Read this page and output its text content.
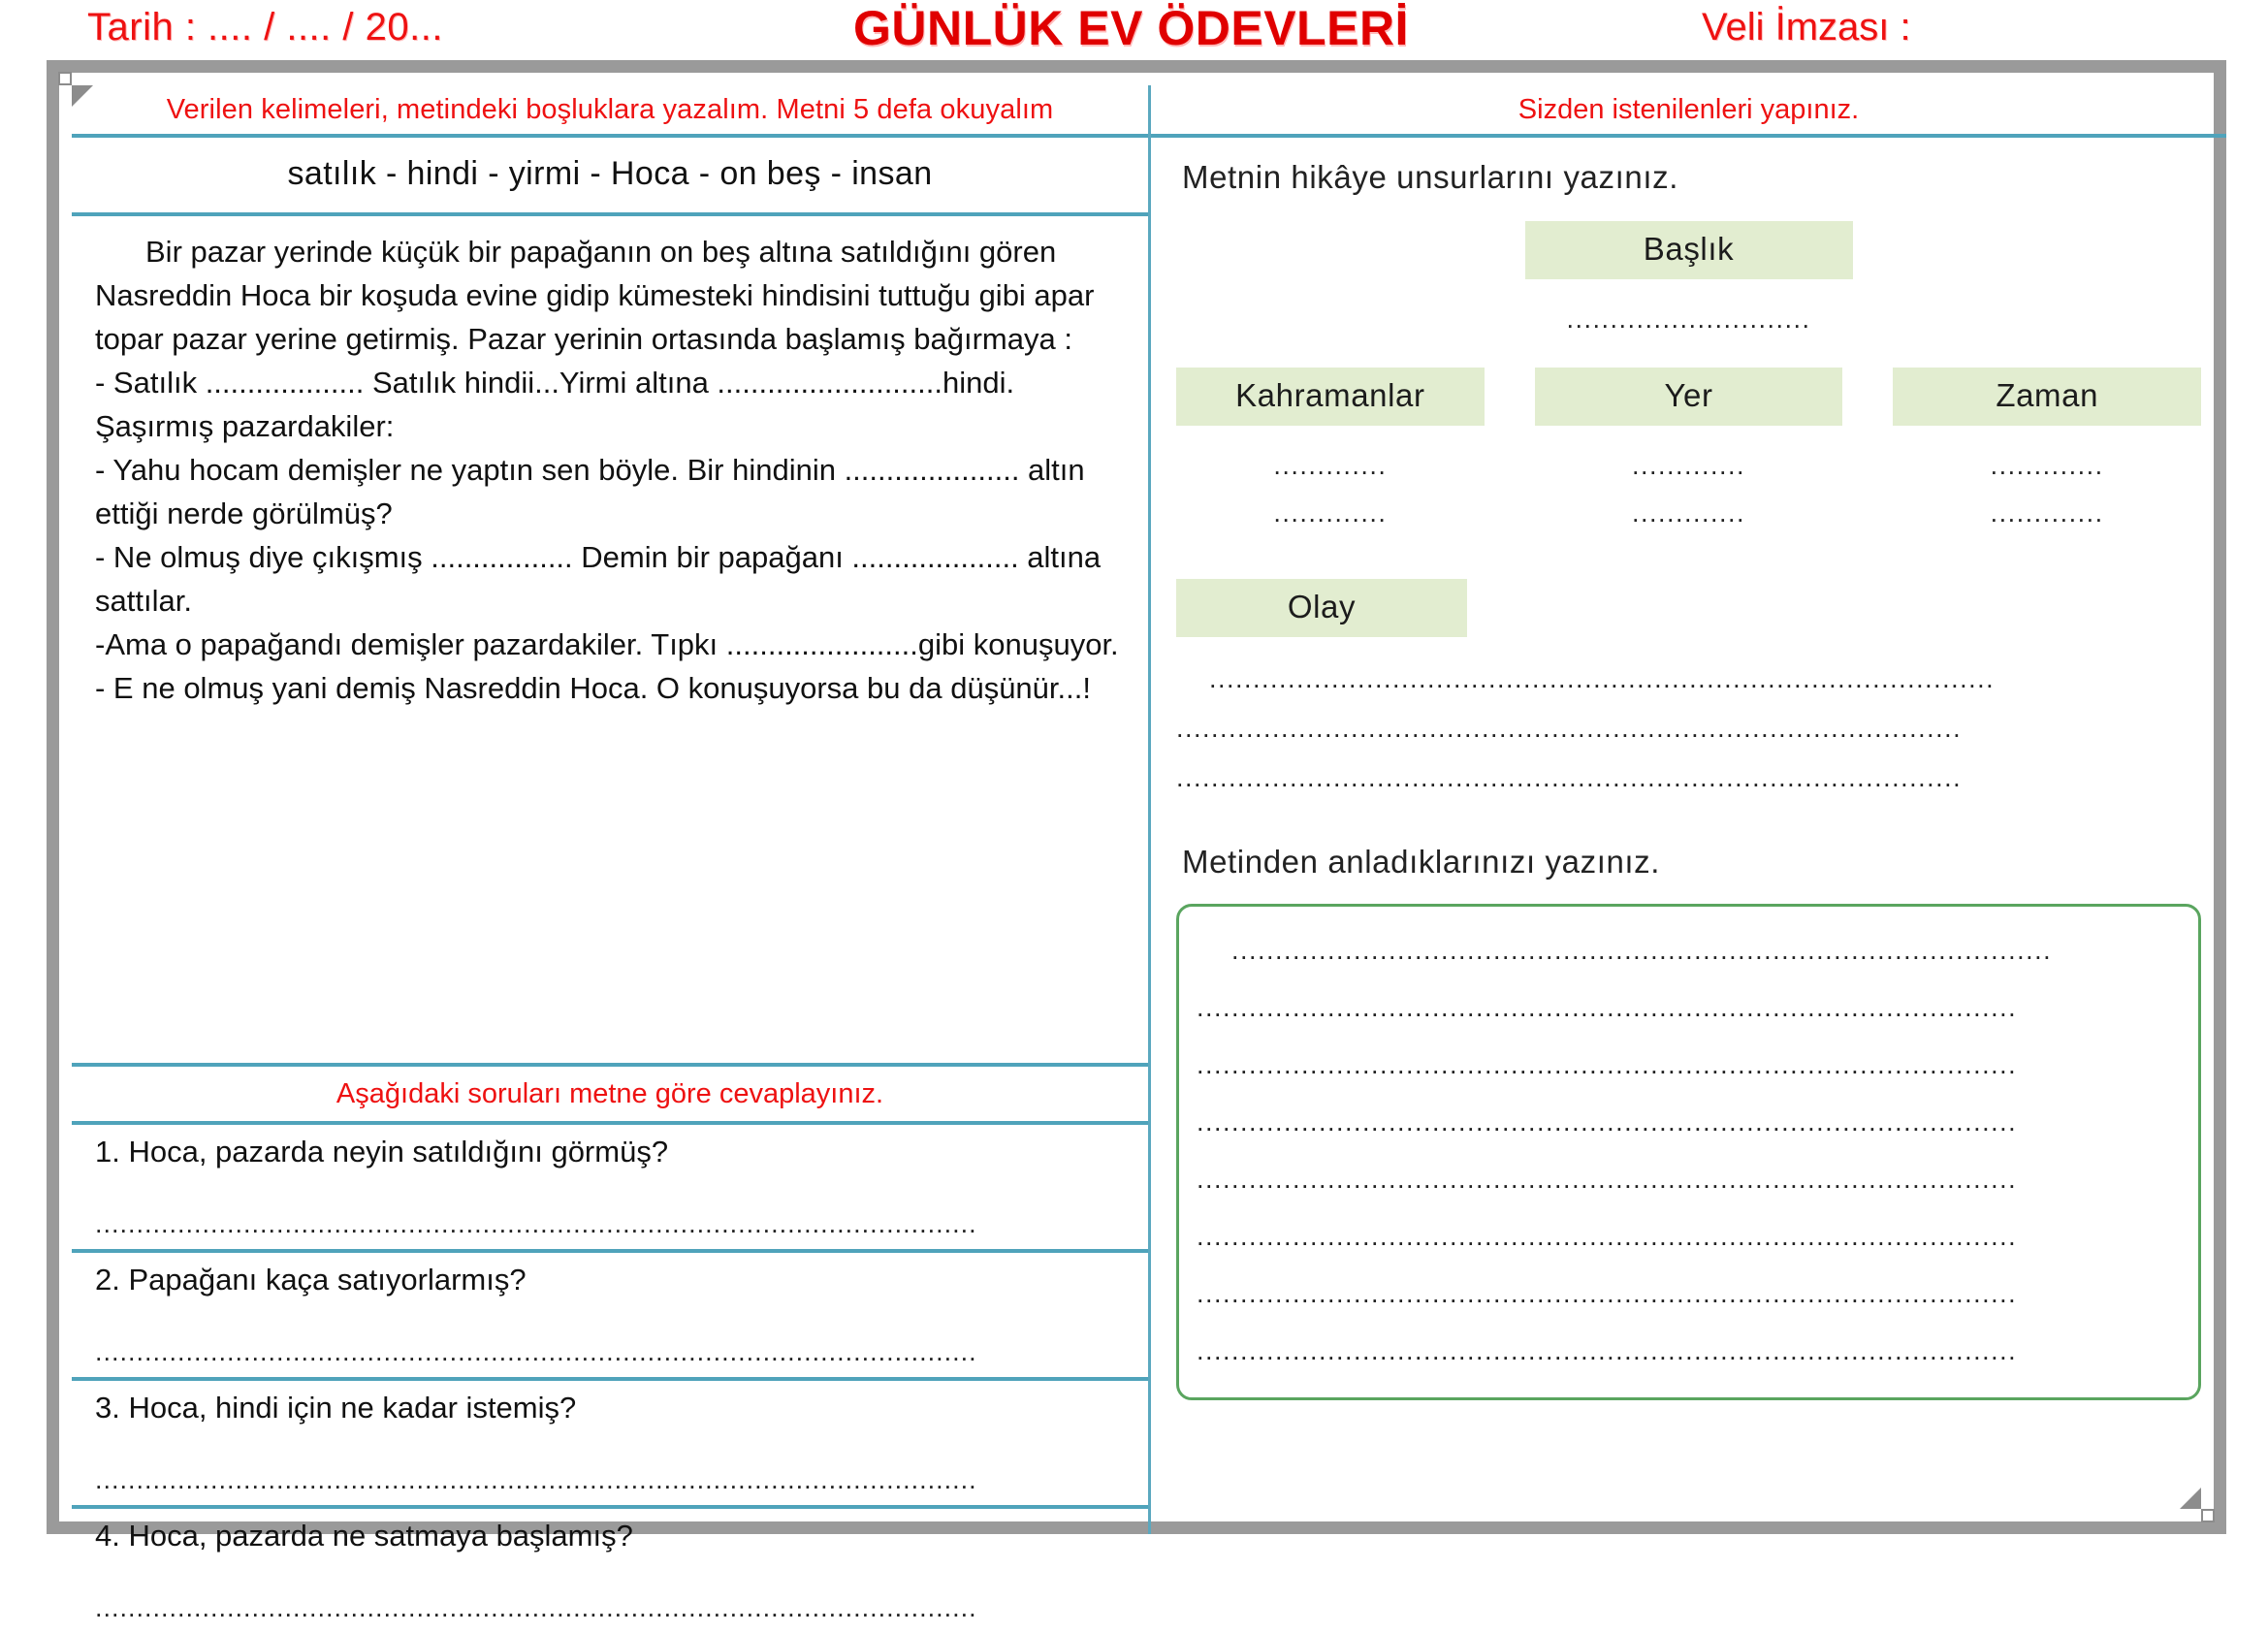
Tarih : .... / .... / 20...	GÜNLÜK EV ÖDEVLERİ	Veli İmzası :
Verilen kelimeleri, metindeki boşluklara yazalım. Metni 5 defa okuyalım
satılık - hindi - yirmi - Hoca - on beş - insan

Bir pazar yerinde küçük bir papağanın on beş altına satıldığını gören Nasreddin Hoca bir koşuda evine gidip kümesteki hindisini tuttuğu gibi apar topar pazar yerine getirmiş. Pazar yerinin ortasında başlamış bağırmaya :

- Satılık ................... Satılık hindii...Yirmi altına ...........................hindi. Şaşırmış pazardakiler:

- Yahu hocam demişler ne yaptın sen böyle. Bir hindinin ..................... altın ettiği nerde görülmüş?

- Ne olmuş diye çıkışmış ................. Demin bir papağanı .................... altına sattılar.

-Ama o papağandı demişler pazardakiler. Tıpkı .......................gibi konuşuyor.

- E ne olmuş yani demiş Nasreddin Hoca. O konuşuyorsa bu da düşünür...!

Aşağıdaki soruları metne göre cevaplayınız.
1. Hoca, pazarda neyin satıldığını görmüş?
...........................................................................................................
2. Papağanı kaça satıyorlarmış?
...........................................................................................................
3. Hoca, hindi için ne kadar istemiş?
...........................................................................................................
4. Hoca, pazarda ne satmaya başlamış?
...........................................................................................................
Sizden istenilenleri yapınız.
Metnin hikâye unsurlarını yazınız.
Başlık
............................
Kahramanlar
.............
.............
Yer
.............
.............
Zaman
.............
.............
Olay
..........................................................................................
..........................................................................................
..........................................................................................
Metinden anladıklarınızı yazınız.
..............................................................................................
..............................................................................................
..............................................................................................
..............................................................................................
..............................................................................................
..............................................................................................
..............................................................................................
..............................................................................................
